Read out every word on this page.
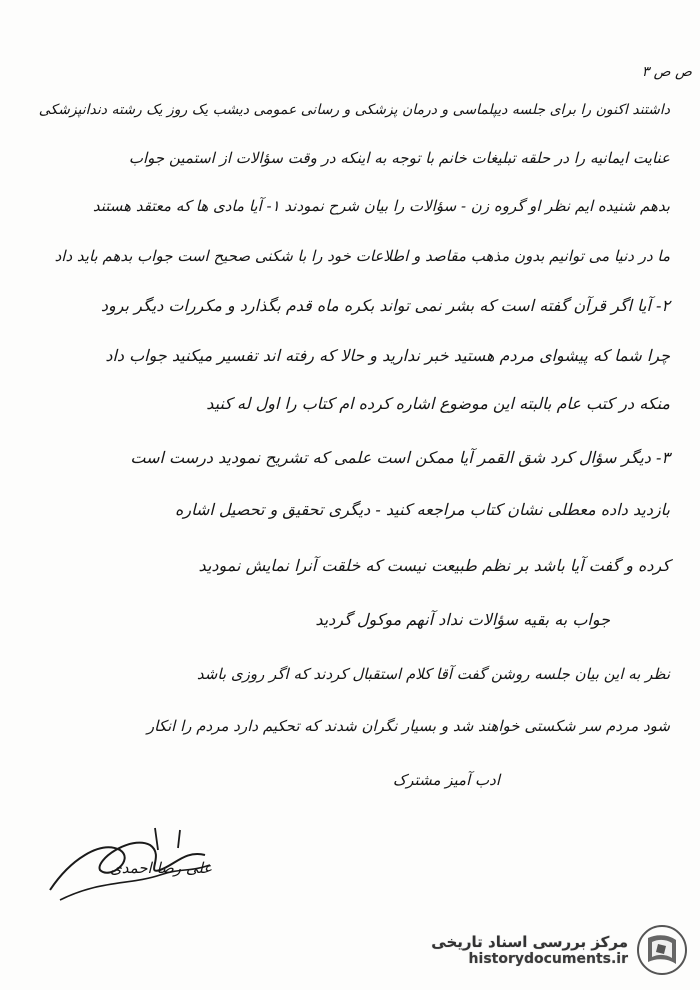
ص ص ۳
داشتند اکنون را برای جلسه دیپلماسی و درمان پزشکی و رسانی عمومی دیشب یک روز یک رشته دندانپزشکی
عنایت ایمانیه را در حلقه تبلیغات خانم با توجه به اینکه در وقت سؤالات از استمین جواب
بدهم شنیده ایم نظر او گروه زن - سؤالات را بیان شرح نمودند ۱- آیا مادی ها که معتقد هستند
ما در دنیا می توانیم بدون مذهب مقاصد و اطلاعات خود را با شکنی صحیح است جواب بدهم باید داد
۲- آیا اگر قرآن گفته است که بشر نمی تواند بکره ماه قدم بگذارد و مکررات دیگر برود
چرا شما که پیشوای مردم هستید خبر ندارید و حالا که رفته اند تفسیر میکنید جواب داد
منکه در کتب عام بالبته این موضوع اشاره کرده ام کتاب را اول له کنید
۳- دیگر سؤال کرد شق القمر آیا ممکن است علمی که تشریح نمودید درست است
بازدید داده معطلی نشان کتاب مراجعه کنید - دیگری تحقیق و تحصیل اشاره
کرده و گفت آیا باشد بر نظم طبیعت نیست که خلقت آنرا نمایش نمودید
جواب به بقیه سؤالات نداد آنهم موکول گردید
نظر به این بیان جلسه روشن گفت آقا کلام استقبال کردند که اگر روزی باشد
شود مردم سر شکستی خواهند شد و بسیار نگران شدند که تحکیم دارد مردم را انکار
ادب آمیز مشترک
علی رضا احمدی
مرکز بررسی اسناد تاریخی
historydocuments.ir
